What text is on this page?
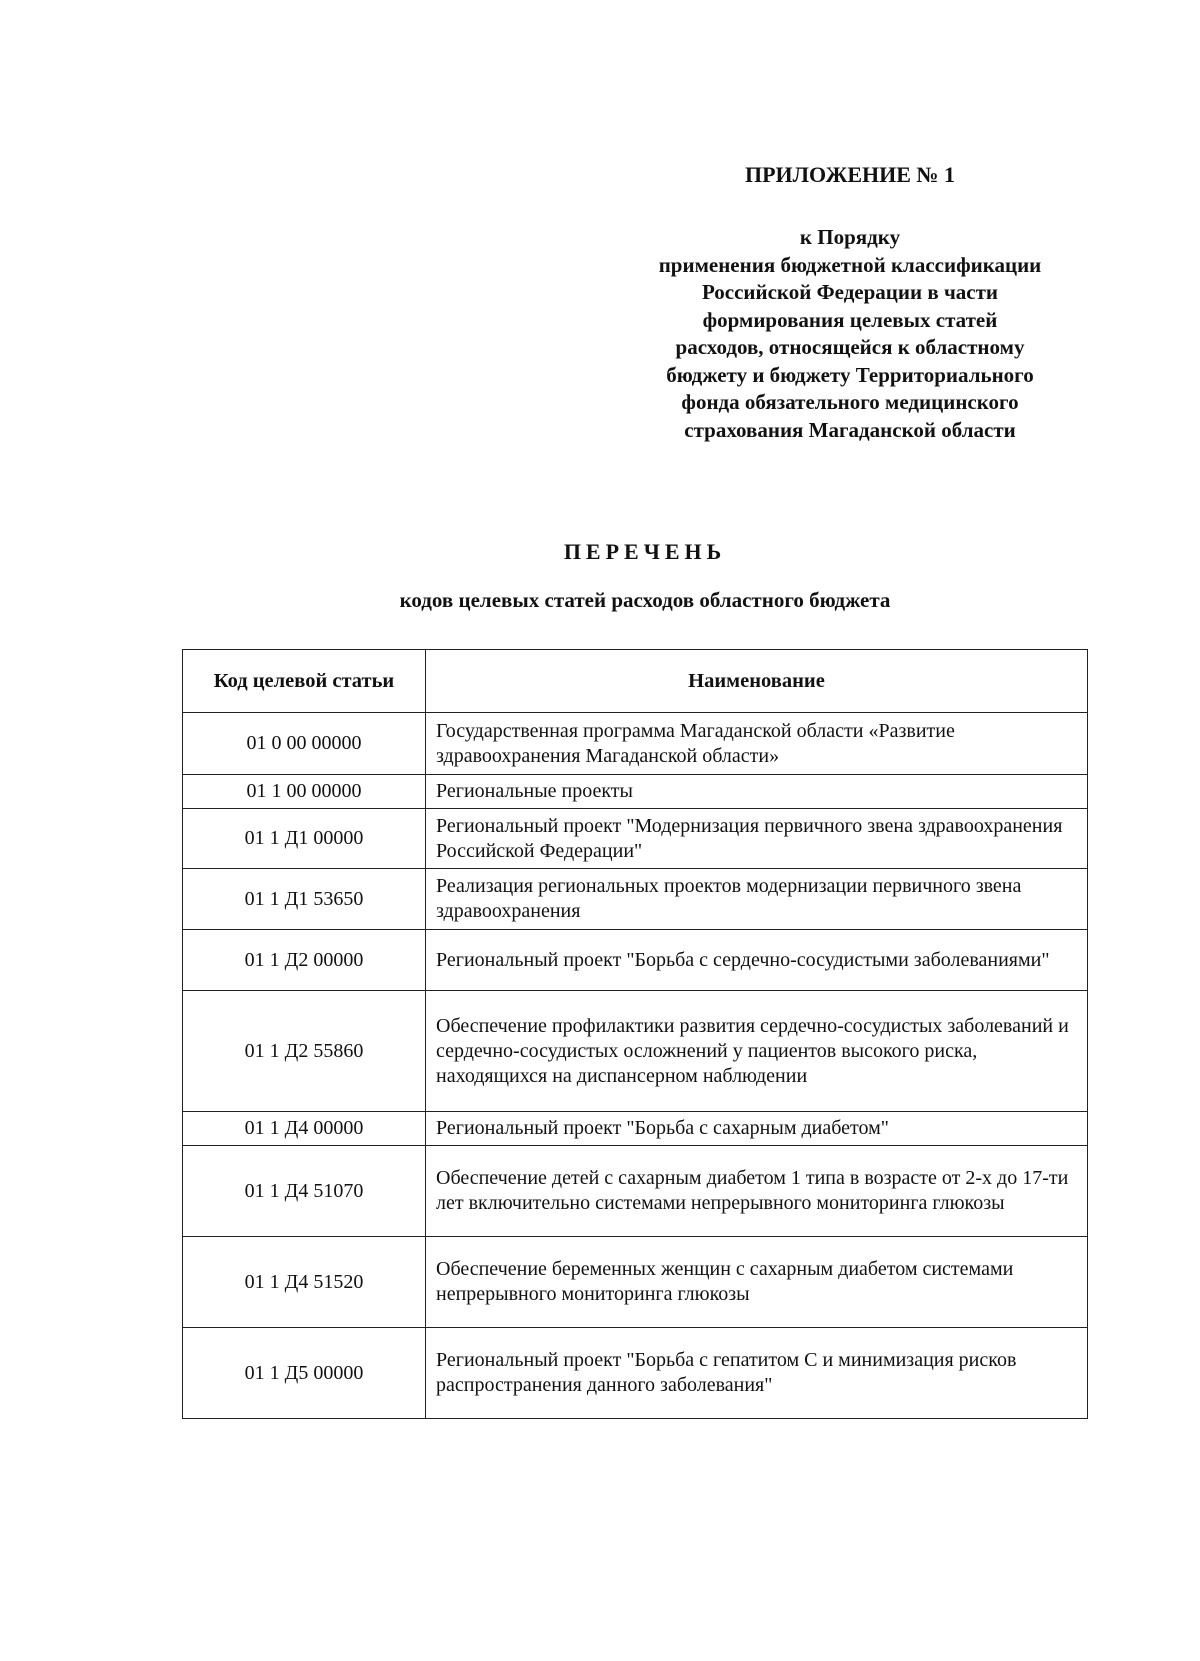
ПРИЛОЖЕНИЕ № 1

к Порядку

применения бюджетной классификации

Российской Федерации в части

формирования целевых статей

расходов, относящейся к областному

бюджету и бюджету Территориального

фонда обязательного медицинского

страхования Магаданской области

ПЕРЕЧЕНЬ
кодов целевых статей расходов областного бюджета
Код целевой статьи	Наименование
01 0 00 00000	Государственная программа Магаданской области «Развитие здравоохранения Магаданской области»
01 1 00 00000	Региональные проекты
01 1 Д1 00000	Региональный проект "Модернизация первичного звена здравоохранения Российской Федерации"
01 1 Д1 53650	Реализация региональных проектов модернизации первичного звена здравоохранения
01 1 Д2 00000	Региональный проект "Борьба с сердечно-сосудистыми заболеваниями"
01 1 Д2 55860	Обеспечение профилактики развития сердечно-сосудистых заболеваний и сердечно-сосудистых осложнений у пациентов высокого риска, находящихся на диспансерном наблюдении
01 1 Д4 00000	Региональный проект "Борьба с сахарным диабетом"
01 1 Д4 51070	Обеспечение детей с сахарным диабетом 1 типа в возрасте от 2-х до 17-ти лет включительно системами непрерывного мониторинга глюкозы
01 1 Д4 51520	Обеспечение беременных женщин с сахарным диабетом системами непрерывного мониторинга глюкозы
01 1 Д5 00000	Региональный проект "Борьба с гепатитом С и минимизация рисков распространения данного заболевания"
